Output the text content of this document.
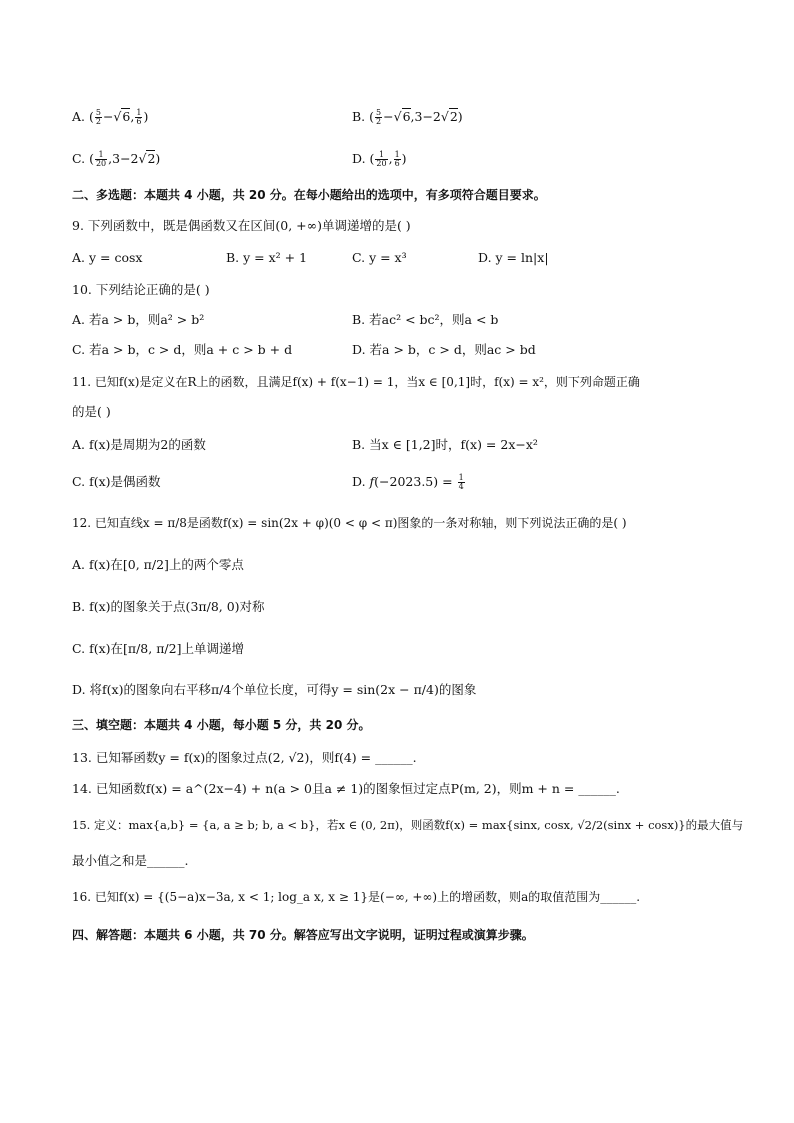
A. ( $\frac{5}{2} -√6$, $\frac{1}{6}$ )	B. ( $\frac{5}{2} -√6,3-2√2$)
C. ( $\frac{1}{20} ,3-2√2$)	D. ( $\frac{1}{20}$ , $\frac{1}{6}$ )
二、多选题：本题共 4 小题，共 20 分。在每小题给出的选项中，有多项符合题目要求。
9. 下列函数中，既是偶函数又在区间(0, +∞)单调递增的是( )
A. y = cosx	B. y = x² + 1	C. y = x³	D. y = ln|x|
10. 下列结论正确的是( )
A. 若a > b，则a² > b²	B. 若ac² < bc²，则a < b
C. 若a > b，c > d，则a + c > b + d	D. 若a > b，c > d，则ac > bd
11. 已知f(x)是定义在R上的函数，且满足f(x) + f(x−1) = 1，当x ∈ [0,1]时，f(x) = x²，则下列命题正确
的是( )
A. f(x)是周期为2的函数	B. 当x ∈ [1,2]时，f(x) = 2x−x²
C. f(x)是偶函数	D. $f(-2023.5) = \frac{1}{4}$
12. 已知直线x = π/8是函数f(x) = sin(2x + φ)(0 < φ < π)图象的一条对称轴，则下列说法正确的是( )
A. f(x)在[0, π/2]上的两个零点
B. f(x)的图象关于点(3π/8, 0)对称
C. f(x)在[π/8, π/2]上单调递增
D. 将f(x)的图象向右平移π/4个单位长度，可得y = sin(2x − π/4)的图象
三、填空题：本题共 4 小题，每小题 5 分，共 20 分。
13. 已知幂函数y = f(x)的图象过点(2, √2)，则f(4) = ______.
14. 已知函数f(x) = a^(2x−4) + n(a > 0且a ≠ 1)的图象恒过定点P(m, 2)，则m + n = ______.
15. 定义：max{a,b} = {a, a ≥ b; b, a < b}，若x ∈ (0, 2π)，则函数f(x) = max{sinx, cosx, √2/2(sinx + cosx)}的最大值与
最小值之和是______.
16. 已知f(x) = {(5−a)x−3a, x < 1; log_a x, x ≥ 1}是(−∞, +∞)上的增函数，则a的取值范围为______.
四、解答题：本题共 6 小题，共 70 分。解答应写出文字说明，证明过程或演算步骤。
